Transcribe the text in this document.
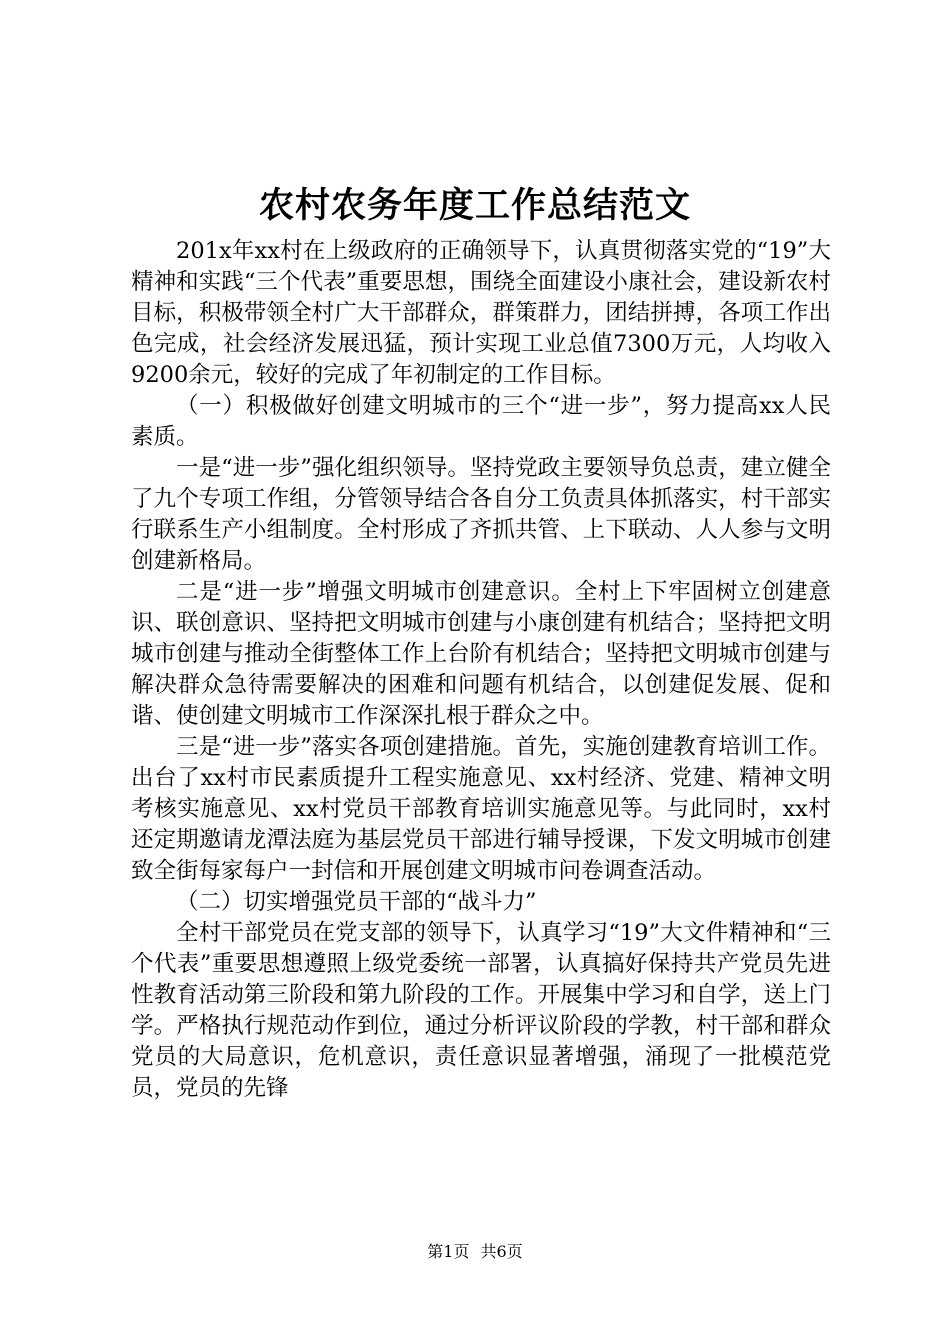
农村农务年度工作总结范文

201x年xx村在上级政府的正确领导下，认真贯彻落实党的“19”大精神和实践“三个代表”重要思想，围绕全面建设小康社会，建设新农村目标，积极带领全村广大干部群众，群策群力，团结拼搏，各项工作出色完成，社会经济发展迅猛，预计实现工业总值7300万元，人均收入9200余元，较好的完成了年初制定的工作目标。

（一）积极做好创建文明城市的三个“进一步”，努力提高xx人民素质。

一是“进一步”强化组织领导。坚持党政主要领导负总责，建立健全了九个专项工作组，分管领导结合各自分工负责具体抓落实，村干部实行联系生产小组制度。全村形成了齐抓共管、上下联动、人人参与文明创建新格局。

二是“进一步”增强文明城市创建意识。全村上下牢固树立创建意识、联创意识、坚持把文明城市创建与小康创建有机结合；坚持把文明城市创建与推动全街整体工作上台阶有机结合；坚持把文明城市创建与解决群众急待需要解决的困难和问题有机结合，以创建促发展、促和谐、使创建文明城市工作深深扎根于群众之中。

三是“进一步”落实各项创建措施。首先，实施创建教育培训工作。出台了xx村市民素质提升工程实施意见、xx村经济、党建、精神文明考核实施意见、xx村党员干部教育培训实施意见等。与此同时，xx村还定期邀请龙潭法庭为基层党员干部进行辅导授课，下发文明城市创建致全街每家每户一封信和开展创建文明城市问卷调查活动。

（二）切实增强党员干部的“战斗力”

全村干部党员在党支部的领导下，认真学习“19”大文件精神和“三个代表”重要思想遵照上级党委统一部署，认真搞好保持共产党员先进性教育活动第三阶段和第九阶段的工作。开展集中学习和自学，送上门学。严格执行规范动作到位，通过分析评议阶段的学教，村干部和群众党员的大局意识，危机意识，责任意识显著增强，涌现了一批模范党员，党员的先锋

第1页 共6页
